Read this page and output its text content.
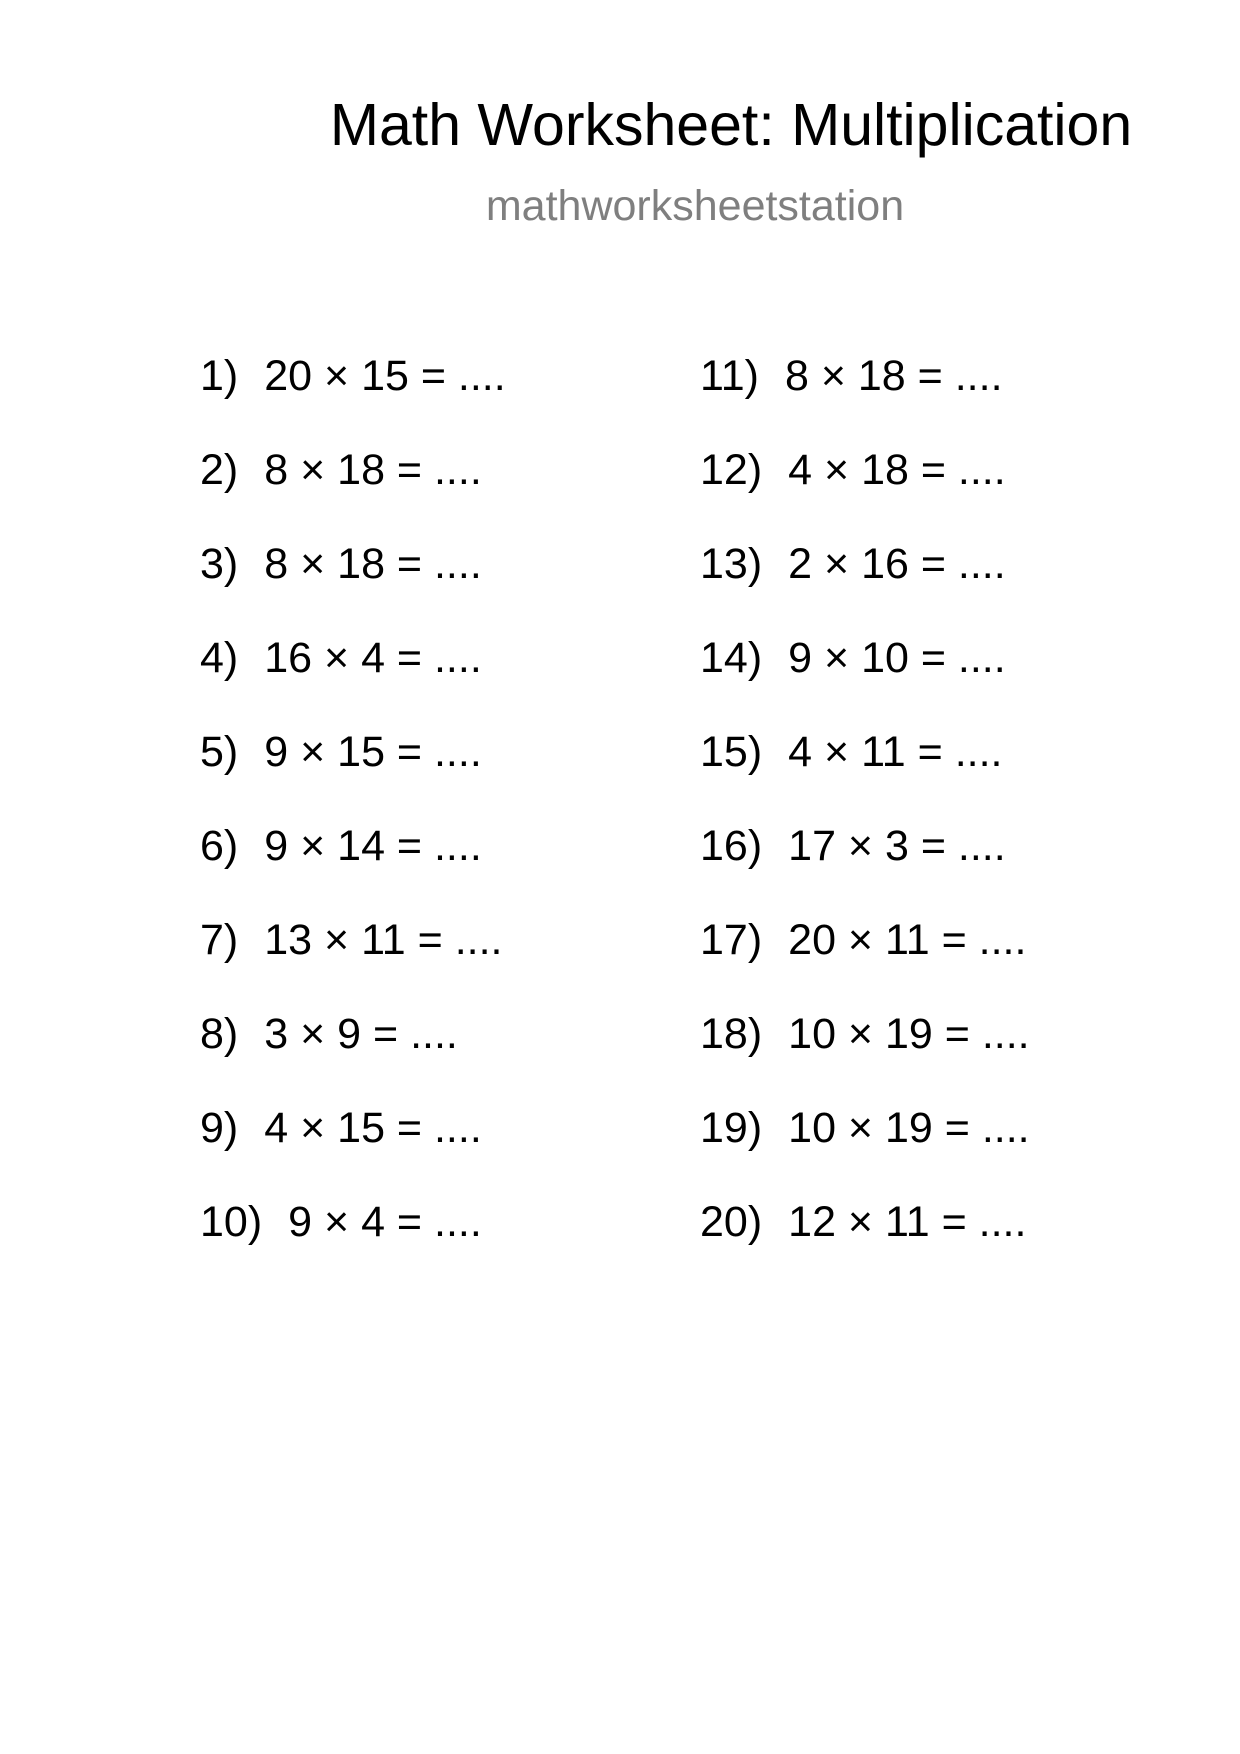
Math Worksheet: Multiplication
mathworksheetstation
1) 20 × 15 = ....
2) 8 × 18 = ....
3) 8 × 18 = ....
4) 16 × 4 = ....
5) 9 × 15 = ....
6) 9 × 14 = ....
7) 13 × 11 = ....
8) 3 × 9 = ....
9) 4 × 15 = ....
10) 9 × 4 = ....
11) 8 × 18 = ....
12) 4 × 18 = ....
13) 2 × 16 = ....
14) 9 × 10 = ....
15) 4 × 11 = ....
16) 17 × 3 = ....
17) 20 × 11 = ....
18) 10 × 19 = ....
19) 10 × 19 = ....
20) 12 × 11 = ....
